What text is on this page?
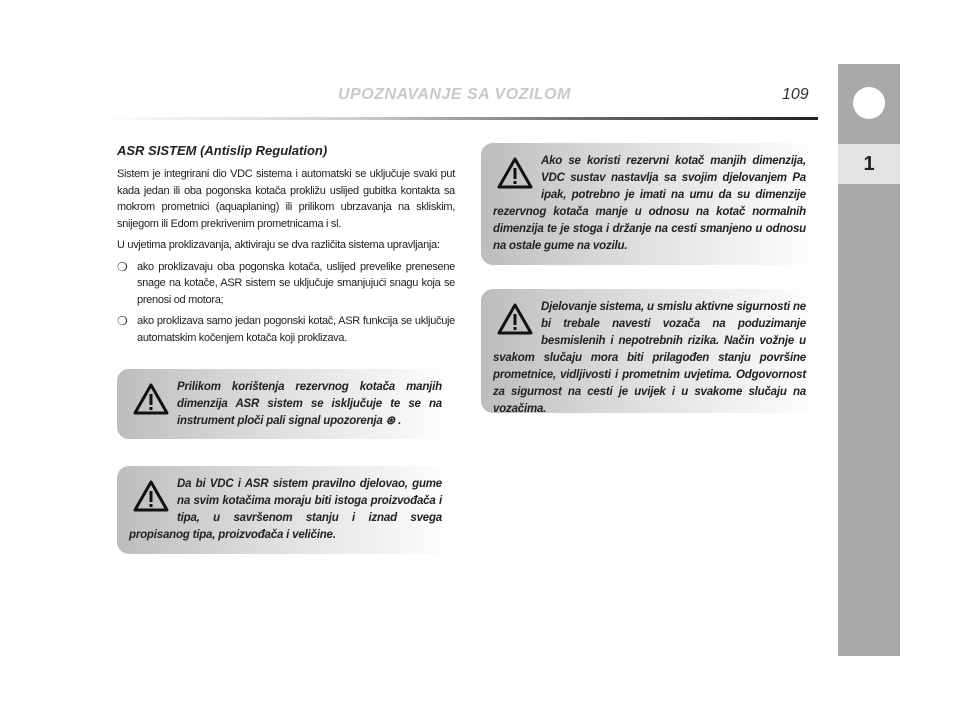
UPOZNAVANJE SA VOZILOM	109
1
ASR SISTEM (Antislip Regulation)

Sistem je integrirani dio VDC sistema i automatski se uključuje svaki put kada jedan ili oba pogonska kotača prokližu uslijed gubitka kontakta sa mokrom prometnici (aquaplaning) ili prilikom ubrzavanja na skliskim, snijegom ili Edom prekrivenim prometnicama i sl.

U uvjetima proklizavanja, aktiviraju se dva različita sistema upravljanja:

❍ ako proklizavaju oba pogonska kotača, uslijed prevelike prenesene snage na kotače, ASR sistem se uključuje smanjujući snagu koja se prenosi od motora;
❍ ako proklizava samo jedan pogonski kotač, ASR funkcija se uključuje automatskim kočenjem kotača koji proklizava.
Prilikom korištenja rezervnog kotača manjih dimenzija ASR sistem se isključuje te se na instrument ploči pali signal upozorenja ⊛ .
Da bi VDC i ASR sistem pravilno djelovao, gume na svim kotačima moraju biti istoga proizvođača i tipa, u savršenom stanju i iznad svega propisanog tipa, proizvođača i veličine.
Ako se koristi rezervni kotač manjih dimenzija, VDC sustav nastavlja sa svojim djelovanjem Pa ipak, potrebno je imati na umu da su dimenzije rezervnog kotača manje u odnosu na kotač normalnih dimenzija te je stoga i držanje na cesti smanjeno u odnosu na ostale gume na vozilu.
Djelovanje sistema, u smislu aktivne sigurnosti ne bi trebale navesti vozača na poduzimanje besmislenih i nepotrebnih rizika. Način vožnje u svakom slučaju mora biti prilagođen stanju površine prometnice, vidljivosti i prometnim uvjetima. Odgovornost za sigurnost na cesti je uvijek i u svakome slučaju na vozačima.
